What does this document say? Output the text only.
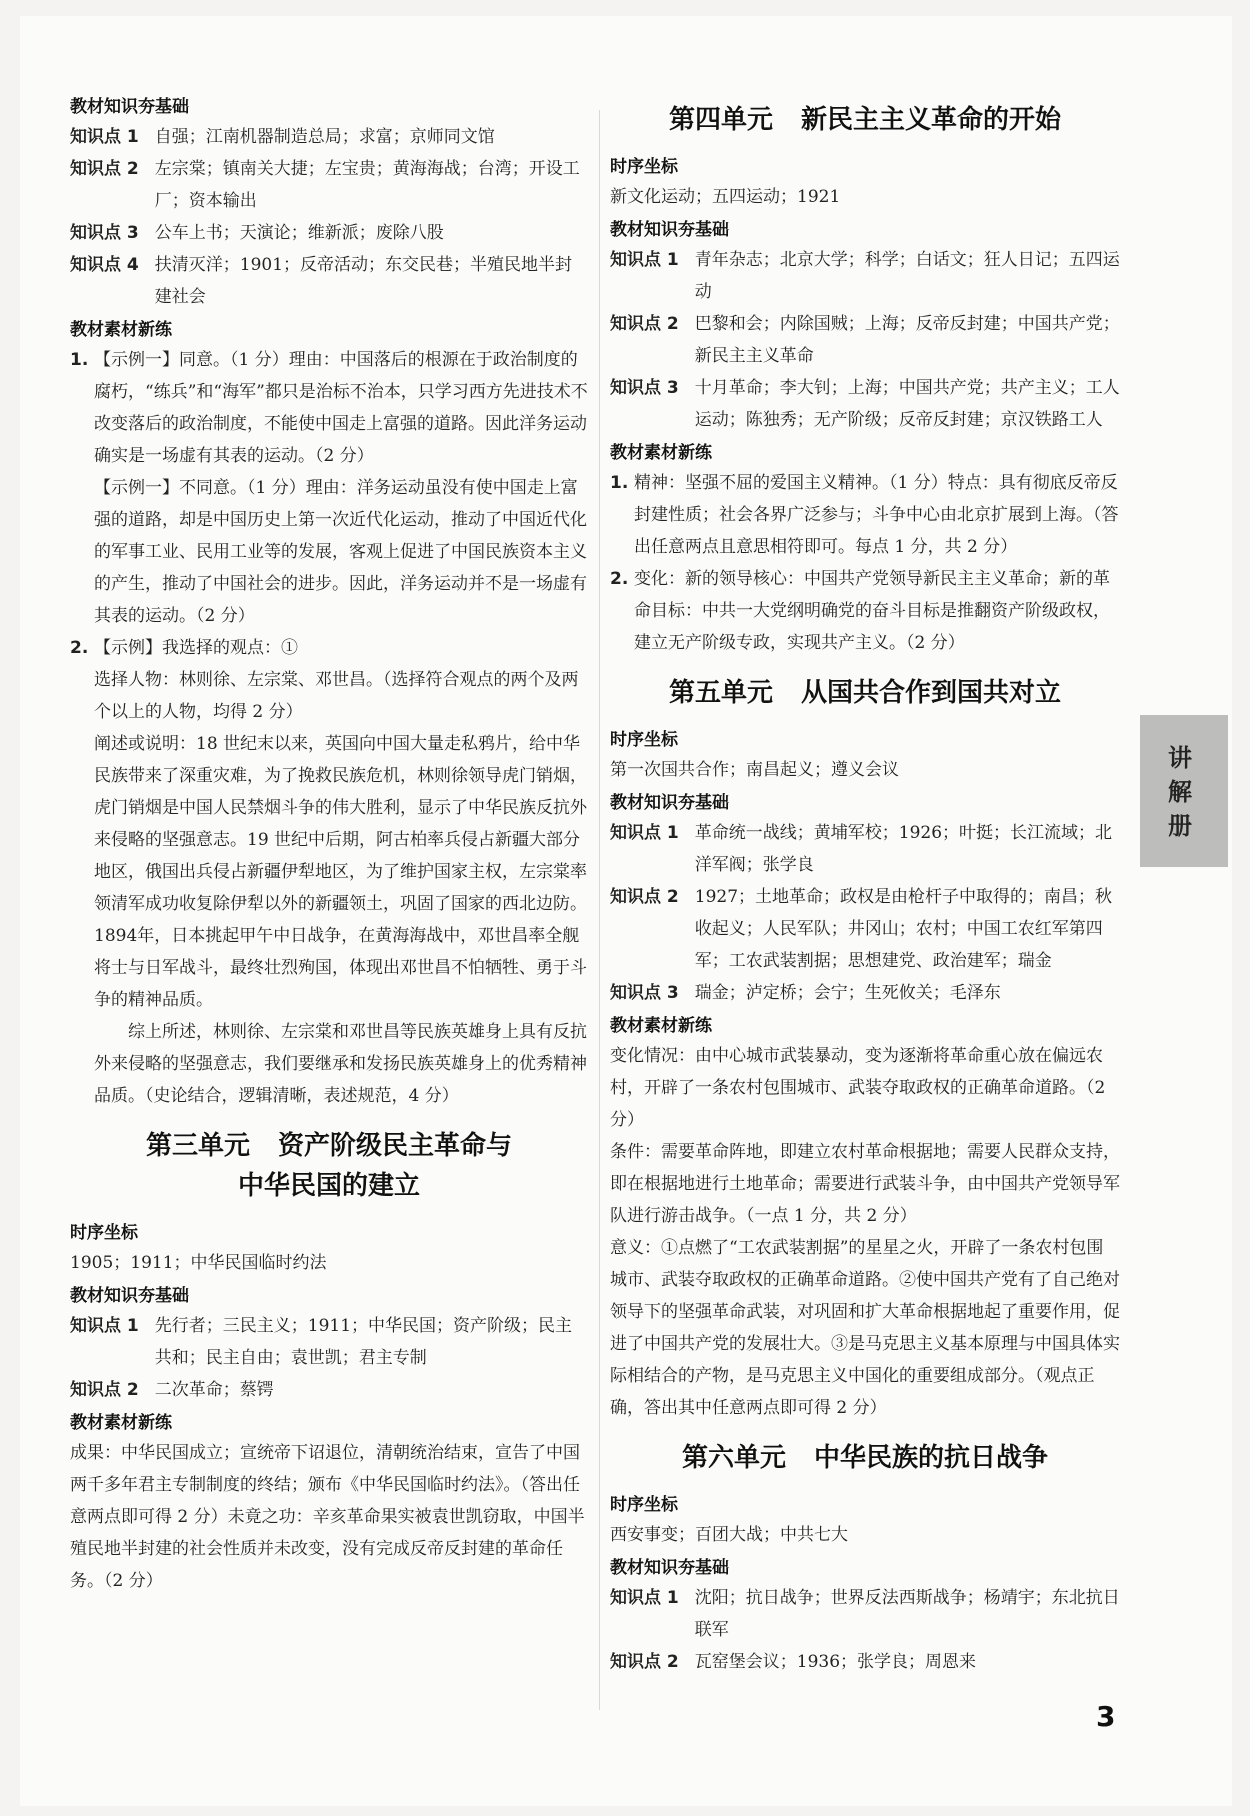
教材知识夯基础
知识点 1 自强；江南机器制造总局；求富；京师同文馆
知识点 2 左宗棠；镇南关大捷；左宝贵；黄海海战；台湾；开设工厂；资本输出
知识点 3 公车上书；天演论；维新派；废除八股
知识点 4 扶清灭洋；1901；反帝活动；东交民巷；半殖民地半封建社会
教材素材新练
1. 【示例一】同意。（1 分）理由：中国落后的根源在于政治制度的腐朽，“练兵”和“海军”都只是治标不治本，只学习西方先进技术不改变落后的政治制度，不能使中国走上富强的道路。因此洋务运动确实是一场虚有其表的运动。（2 分）

【示例一】不同意。（1 分）理由：洋务运动虽没有使中国走上富强的道路，却是中国历史上第一次近代化运动，推动了中国近代化的军事工业、民用工业等的发展，客观上促进了中国民族资本主义的产生，推动了中国社会的进步。因此，洋务运动并不是一场虚有其表的运动。（2 分）

2. 【示例】我选择的观点：①

选择人物：林则徐、左宗棠、邓世昌。（选择符合观点的两个及两个以上的人物，均得 2 分）

阐述或说明：18 世纪末以来，英国向中国大量走私鸦片，给中华民族带来了深重灾难，为了挽救民族危机，林则徐领导虎门销烟，虎门销烟是中国人民禁烟斗争的伟大胜利，显示了中华民族反抗外来侵略的坚强意志。19 世纪中后期，阿古柏率兵侵占新疆大部分地区，俄国出兵侵占新疆伊犁地区，为了维护国家主权，左宗棠率领清军成功收复除伊犁以外的新疆领土，巩固了国家的西北边防。1894年，日本挑起甲午中日战争，在黄海海战中，邓世昌率全舰将士与日军战斗，最终壮烈殉国，体现出邓世昌不怕牺牲、勇于斗争的精神品质。

综上所述，林则徐、左宗棠和邓世昌等民族英雄身上具有反抗外来侵略的坚强意志，我们要继承和发扬民族英雄身上的优秀精神品质。（史论结合，逻辑清晰，表述规范，4 分）

第三单元 资产阶级民主革命与
中华民国的建立
时序坐标

1905；1911；中华民国临时约法

教材知识夯基础
知识点 1 先行者；三民主义；1911；中华民国；资产阶级；民主共和；民主自由；袁世凯；君主专制
知识点 2 二次革命；蔡锷
教材素材新练

成果：中华民国成立；宣统帝下诏退位，清朝统治结束，宣告了中国两千多年君主专制制度的终结；颁布《中华民国临时约法》。（答出任意两点即可得 2 分）未竟之功：辛亥革命果实被袁世凯窃取，中国半殖民地半封建的社会性质并未改变，没有完成反帝反封建的革命任务。（2 分）

第四单元 新民主主义革命的开始
时序坐标

新文化运动；五四运动；1921

教材知识夯基础
知识点 1 青年杂志；北京大学；科学；白话文；狂人日记；五四运动
知识点 2 巴黎和会；内除国贼；上海；反帝反封建；中国共产党；新民主主义革命
知识点 3 十月革命；李大钊；上海；中国共产党；共产主义；工人运动；陈独秀；无产阶级；反帝反封建；京汉铁路工人
教材素材新练
1. 精神：坚强不屈的爱国主义精神。（1 分）特点：具有彻底反帝反封建性质；社会各界广泛参与；斗争中心由北京扩展到上海。（答出任意两点且意思相符即可。每点 1 分，共 2 分）
2. 变化：新的领导核心：中国共产党领导新民主主义革命；新的革命目标：中共一大党纲明确党的奋斗目标是推翻资产阶级政权，建立无产阶级专政，实现共产主义。（2 分）
第五单元 从国共合作到国共对立
时序坐标

第一次国共合作；南昌起义；遵义会议

教材知识夯基础
知识点 1 革命统一战线；黄埔军校；1926；叶挺；长江流域；北洋军阀；张学良
知识点 2 1927；土地革命；政权是由枪杆子中取得的；南昌；秋收起义；人民军队；井冈山；农村；中国工农红军第四军；工农武装割据；思想建党、政治建军；瑞金
知识点 3 瑞金；泸定桥；会宁；生死攸关；毛泽东
教材素材新练

变化情况：由中心城市武装暴动，变为逐渐将革命重心放在偏远农村，开辟了一条农村包围城市、武装夺取政权的正确革命道路。（2 分）

条件：需要革命阵地，即建立农村革命根据地；需要人民群众支持，即在根据地进行土地革命；需要进行武装斗争，由中国共产党领导军队进行游击战争。（一点 1 分，共 2 分）

意义：①点燃了“工农武装割据”的星星之火，开辟了一条农村包围城市、武装夺取政权的正确革命道路。②使中国共产党有了自己绝对领导下的坚强革命武装，对巩固和扩大革命根据地起了重要作用，促进了中国共产党的发展壮大。③是马克思主义基本原理与中国具体实际相结合的产物，是马克思主义中国化的重要组成部分。（观点正确，答出其中任意两点即可得 2 分）

第六单元 中华民族的抗日战争
时序坐标

西安事变；百团大战；中共七大

教材知识夯基础
知识点 1 沈阳；抗日战争；世界反法西斯战争；杨靖宇；东北抗日联军
知识点 2 瓦窑堡会议；1936；张学良；周恩来
讲
解
册
3
